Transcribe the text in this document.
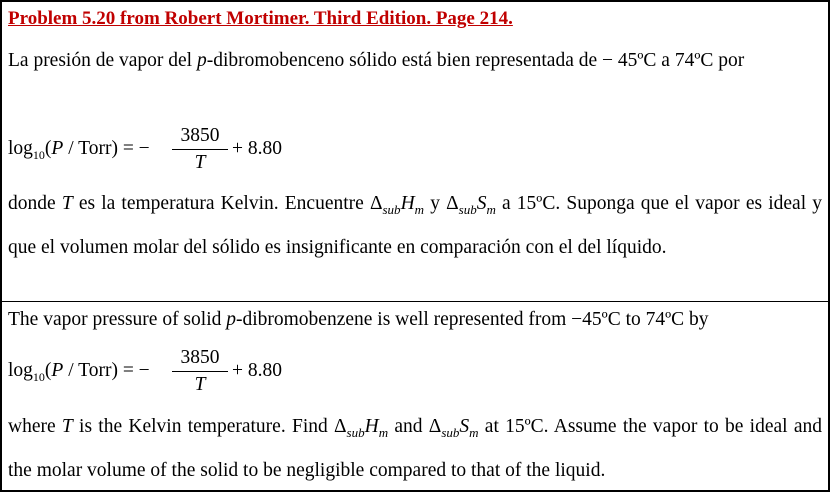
Problem 5.20 from Robert Mortimer. Third Edition. Page 214.
La presión de vapor del p-dibromobenceno sólido está bien representada de − 45ºC a 74ºC por
$\log_{10}(P$ / Torr) = −
3850
T
+ 8.80
donde T es la temperatura Kelvin. Encuentre $\Delta_{sub}H_m$ y $\Delta_{sub}S_m$ a 15ºC. Suponga que el vapor es ideal y que el volumen molar del sólido es insignificante en comparación con el del líquido.
The vapor pressure of solid p-dibromobenzene is well represented from −45ºC to 74ºC by
$\log_{10}(P$ / Torr) = −
3850
T
+ 8.80
where T is the Kelvin temperature. Find $\Delta_{sub}H_m$ and $\Delta_{sub}S_m$ at 15ºC. Assume the vapor to be ideal and the molar volume of the solid to be negligible compared to that of the liquid.
